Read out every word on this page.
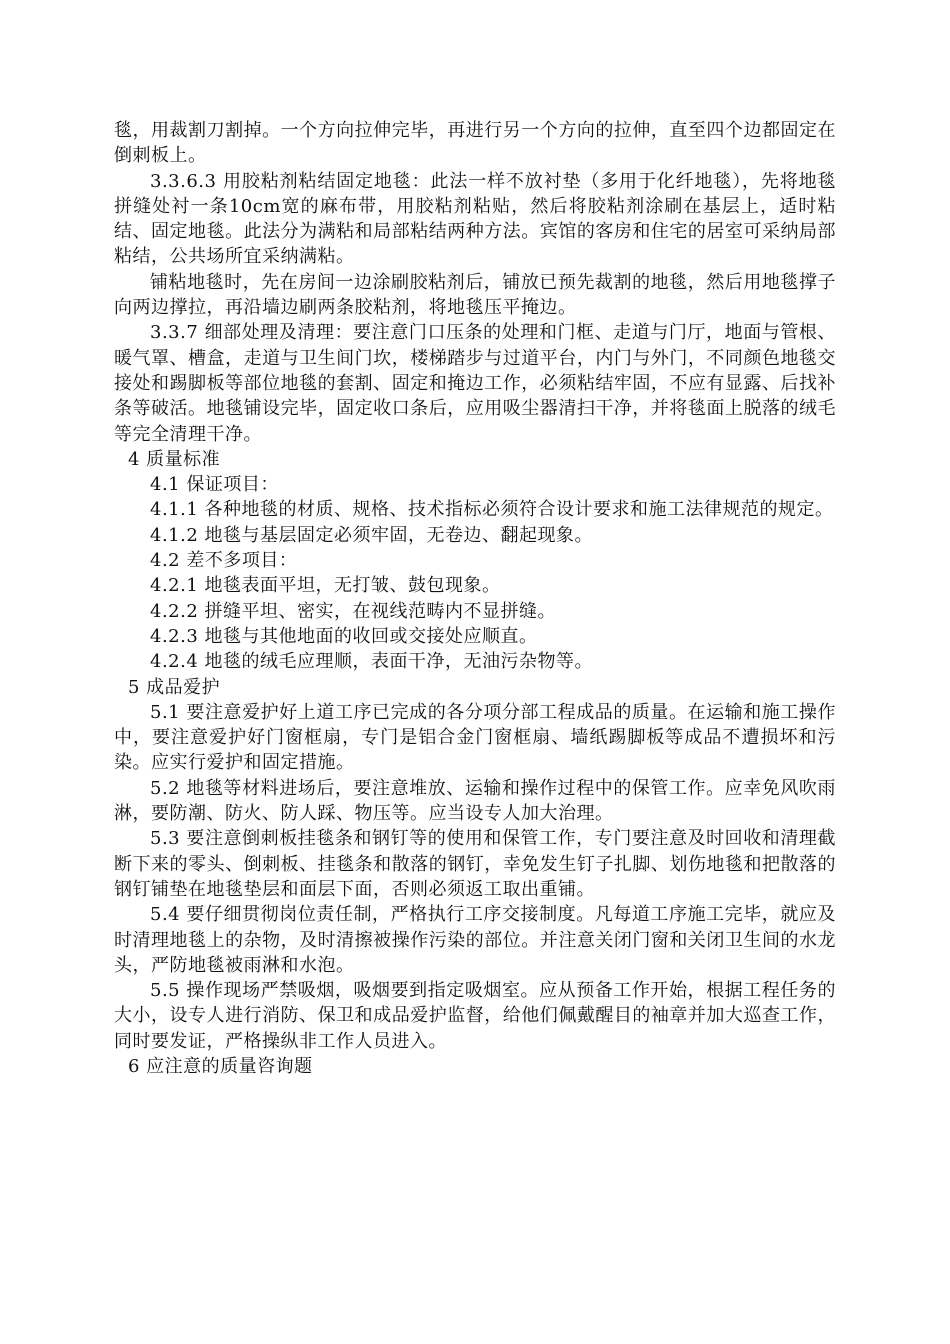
毯，用裁割刀割掉。一个方向拉伸完毕，再进行另一个方向的拉伸，直至四个边都固定在倒刺板上。

3.3.6.3 用胶粘剂粘结固定地毯：此法一样不放衬垫（多用于化纤地毯），先将地毯拼缝处衬一条10cm宽的麻布带，用胶粘剂粘贴，然后将胶粘剂涂刷在基层上，适时粘结、固定地毯。此法分为满粘和局部粘结两种方法。宾馆的客房和住宅的居室可采纳局部粘结，公共场所宜采纳满粘。

铺粘地毯时，先在房间一边涂刷胶粘剂后，铺放已预先裁割的地毯，然后用地毯撑子向两边撑拉，再沿墙边刷两条胶粘剂，将地毯压平掩边。

3.3.7 细部处理及清理：要注意门口压条的处理和门框、走道与门厅，地面与管根、暖气罩、槽盒，走道与卫生间门坎，楼梯踏步与过道平台，内门与外门，不同颜色地毯交接处和踢脚板等部位地毯的套割、固定和掩边工作，必须粘结牢固，不应有显露、后找补条等破活。地毯铺设完毕，固定收口条后，应用吸尘器清扫干净，并将毯面上脱落的绒毛等完全清理干净。

4 质量标准

4.1 保证项目：

4.1.1 各种地毯的材质、规格、技术指标必须符合设计要求和施工法律规范的规定。

4.1.2 地毯与基层固定必须牢固，无卷边、翻起现象。

4.2 差不多项目：

4.2.1 地毯表面平坦，无打皱、鼓包现象。

4.2.2 拼缝平坦、密实，在视线范畴内不显拼缝。

4.2.3 地毯与其他地面的收回或交接处应顺直。

4.2.4 地毯的绒毛应理顺，表面干净，无油污杂物等。

5 成品爱护

5.1 要注意爱护好上道工序已完成的各分项分部工程成品的质量。在运输和施工操作中，要注意爱护好门窗框扇，专门是铝合金门窗框扇、墙纸踢脚板等成品不遭损坏和污染。应实行爱护和固定措施。

5.2 地毯等材料进场后，要注意堆放、运输和操作过程中的保管工作。应幸免风吹雨淋，要防潮、防火、防人踩、物压等。应当设专人加大治理。

5.3 要注意倒刺板挂毯条和钢钉等的使用和保管工作，专门要注意及时回收和清理截断下来的零头、倒刺板、挂毯条和散落的钢钉，幸免发生钉子扎脚、划伤地毯和把散落的钢钉铺垫在地毯垫层和面层下面，否则必须返工取出重铺。

5.4 要仔细贯彻岗位责任制，严格执行工序交接制度。凡每道工序施工完毕，就应及时清理地毯上的杂物，及时清擦被操作污染的部位。并注意关闭门窗和关闭卫生间的水龙头，严防地毯被雨淋和水泡。

5.5 操作现场严禁吸烟，吸烟要到指定吸烟室。应从预备工作开始，根据工程任务的大小，设专人进行消防、保卫和成品爱护监督，给他们佩戴醒目的袖章并加大巡查工作，同时要发证，严格操纵非工作人员进入。

6 应注意的质量咨询题
